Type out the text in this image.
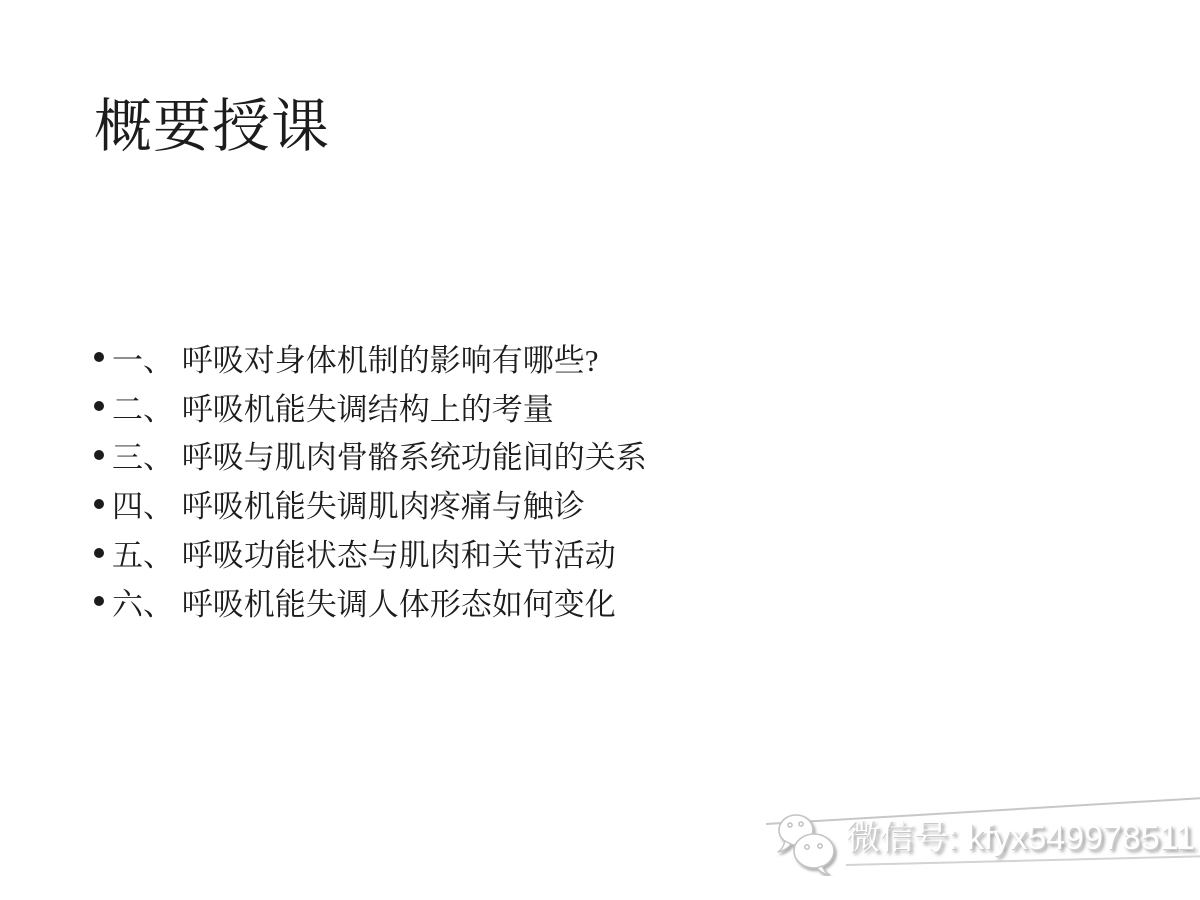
概要授课
一、 呼吸对身体机制的影响有哪些?
二、 呼吸机能失调结构上的考量
三、 呼吸与肌肉骨骼系统功能间的关系
四、 呼吸机能失调肌肉疼痛与触诊
五、 呼吸功能状态与肌肉和关节活动
六、 呼吸机能失调人体形态如何变化
微信号: kfyx549978511
